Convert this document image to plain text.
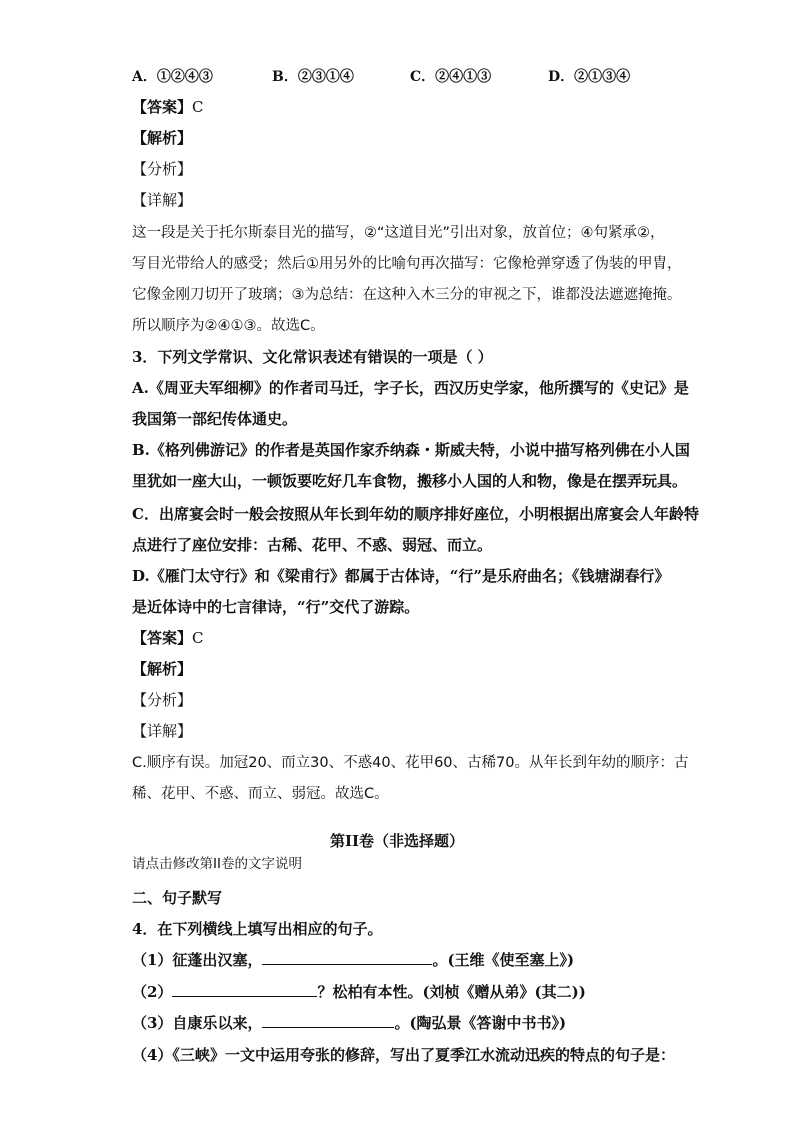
A．①②④③	B．②③①④	C．②④①③	D．②①③④
【答案】C
【解析】
【分析】
【详解】
这一段是关于托尔斯泰目光的描写，②“这道目光”引出对象，放首位；④句紧承②，
写目光带给人的感受；然后①用另外的比喻句再次描写：它像枪弹穿透了伪装的甲胄，
它像金刚刀切开了玻璃；③为总结：在这种入木三分的审视之下，谁都没法遮遮掩掩。
所以顺序为②④①③。故选C。
3．下列文学常识、文化常识表述有错误的一项是（ ）
A.《周亚夫军细柳》的作者司马迁，字子长，西汉历史学家，他所撰写的《史记》是
我国第一部纪传体通史。
B.《格列佛游记》的作者是英国作家乔纳森・斯威夫特，小说中描写格列佛在小人国
里犹如一座大山，一顿饭要吃好几车食物，搬移小人国的人和物，像是在摆弄玩具。
C．出席宴会时一般会按照从年长到年幼的顺序排好座位，小明根据出席宴会人年龄特
点进行了座位安排：古稀、花甲、不惑、弱冠、而立。
D.《雁门太守行》和《梁甫行》都属于古体诗，“行”是乐府曲名；《钱塘湖春行》
是近体诗中的七言律诗，“行”交代了游踪。
【答案】C
【解析】
【分析】
【详解】
C.顺序有误。加冠20、而立30、不惑40、花甲60、古稀70。从年长到年幼的顺序：古
稀、花甲、不惑、而立、弱冠。故选C。
第II卷（非选择题）
请点击修改第II卷的文字说明
二、句子默写
4．在下列横线上填写出相应的句子。
（1）征蓬出汉塞，	。(王维《使至塞上》)
（2）	？松柏有本性。(刘桢《赠从弟》(其二))
（3）自康乐以来，	。(陶弘景《答谢中书书》)
（4）《三峡》一文中运用夸张的修辞，写出了夏季江水流动迅疾的特点的句子是：
